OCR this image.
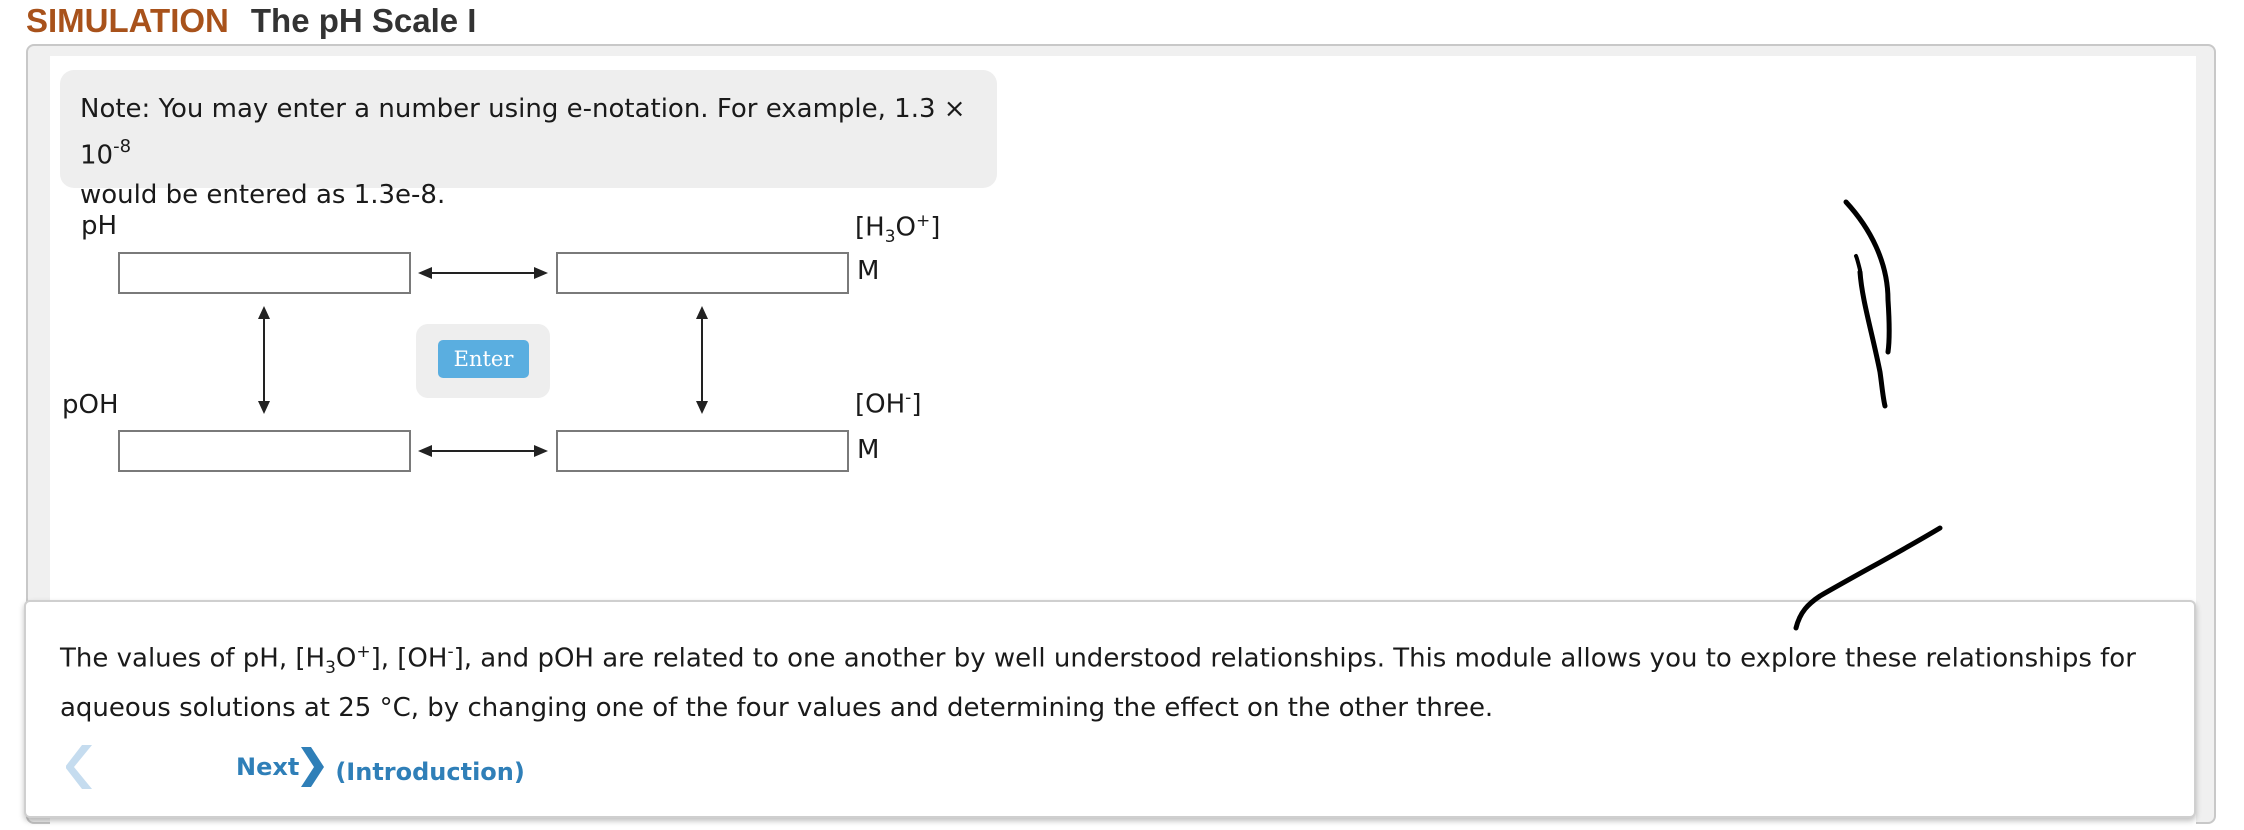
SIMULATION The pH Scale I
Note: You may enter a number using e-notation. For example, $1.3 \times 10^{-8}$
would be entered as 1.3e-8.
pH
pOH
$[H_3O^+]$
M
[OH-]
M
Enter
The values of pH, $[H_3O^+]$, [OH-], and pOH are related to one another by well understood relationships. This module allows you to explore these relationships for aqueous solutions at 25 °C, by changing one of the four values and determining the effect on the other three.
Next (Introduction)
